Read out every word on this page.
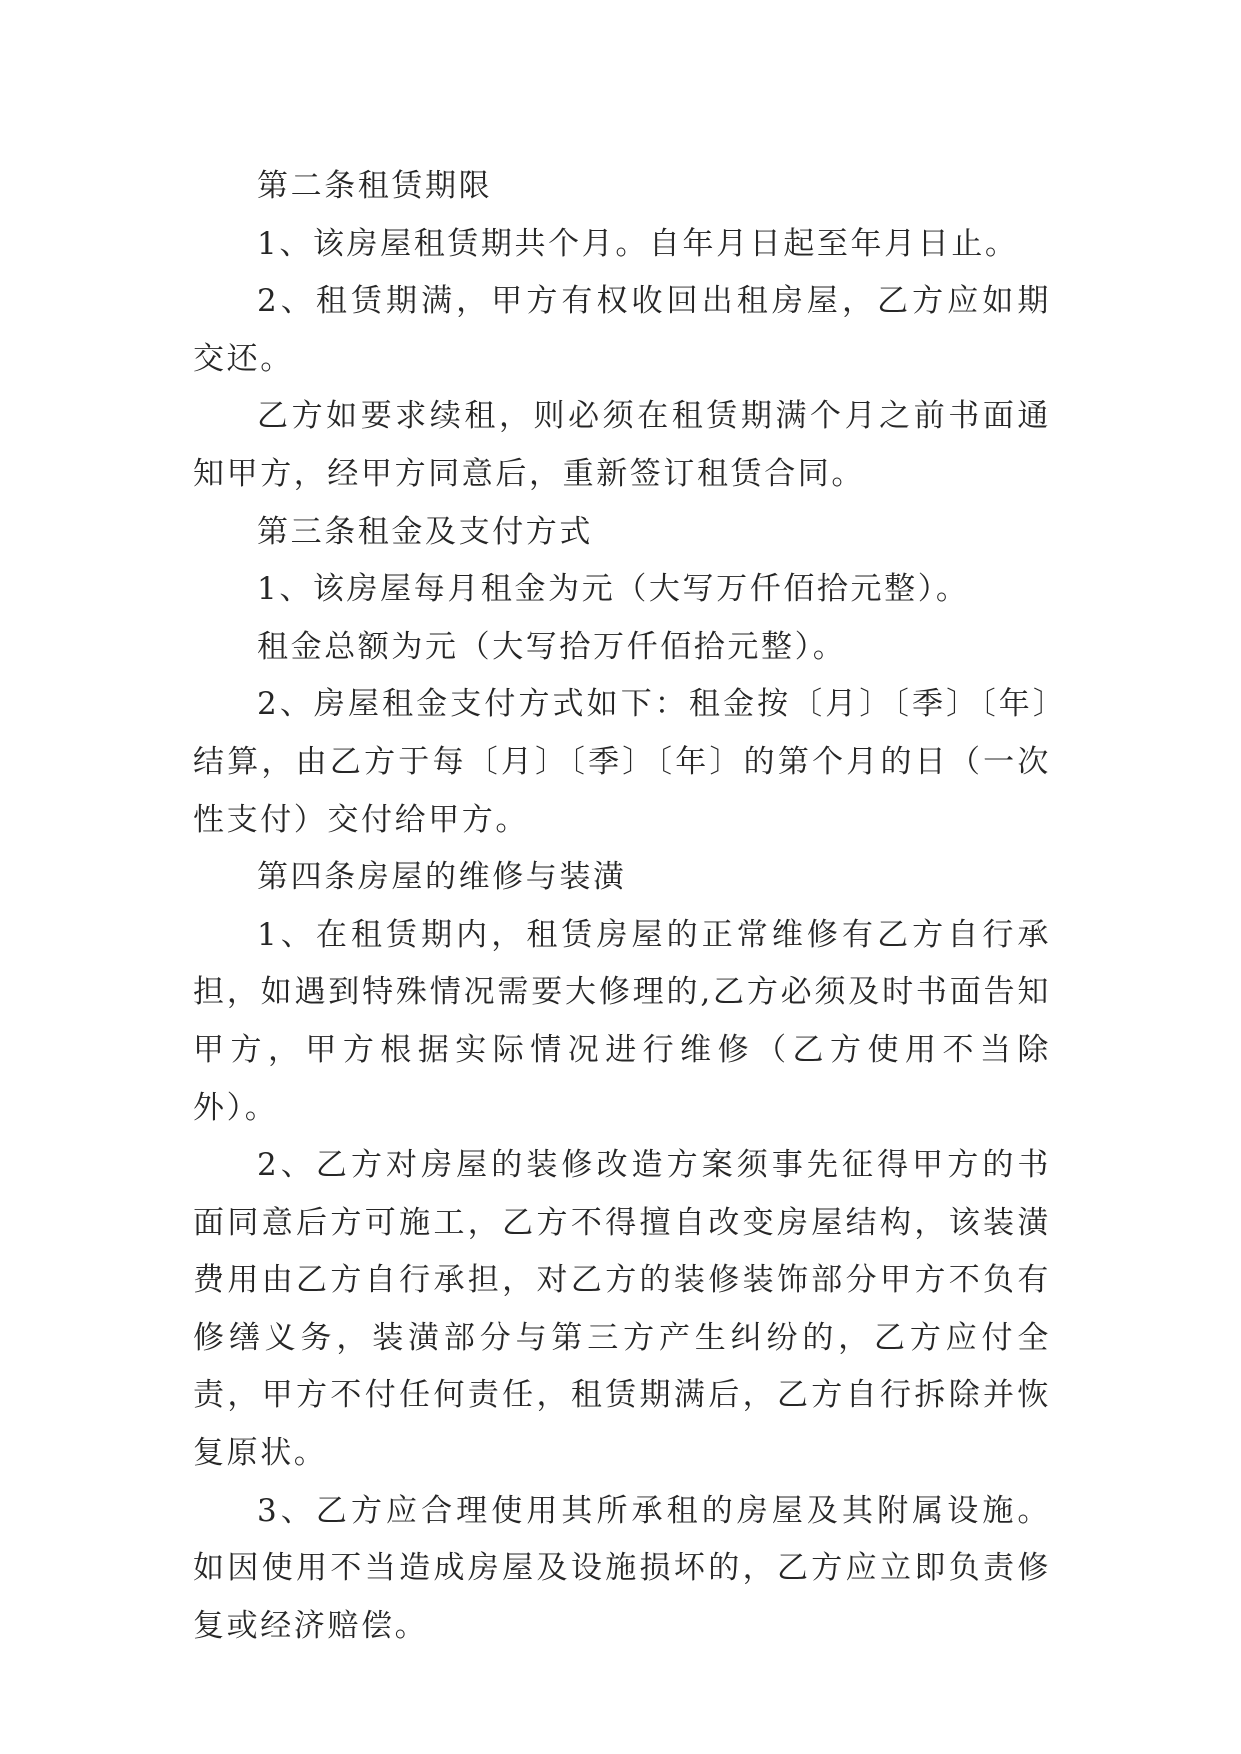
第二条租赁期限

1、该房屋租赁期共个月。自年月日起至年月日止。

2、租赁期满，甲方有权收回出租房屋，乙方应如期交还。

乙方如要求续租，则必须在租赁期满个月之前书面通知甲方，经甲方同意后，重新签订租赁合同。

第三条租金及支付方式

1、该房屋每月租金为元（大写万仟佰拾元整）。

租金总额为元（大写拾万仟佰拾元整）。

2、房屋租金支付方式如下：租金按〔月〕〔季〕〔年〕结算，由乙方于每〔月〕〔季〕〔年〕的第个月的日（一次性支付）交付给甲方。

第四条房屋的维修与装潢

1、在租赁期内，租赁房屋的正常维修有乙方自行承担，如遇到特殊情况需要大修理的,乙方必须及时书面告知甲方，甲方根据实际情况进行维修（乙方使用不当除外）。

2、乙方对房屋的装修改造方案须事先征得甲方的书面同意后方可施工，乙方不得擅自改变房屋结构，该装潢费用由乙方自行承担，对乙方的装修装饰部分甲方不负有修缮义务，装潢部分与第三方产生纠纷的，乙方应付全责，甲方不付任何责任，租赁期满后，乙方自行拆除并恢复原状。

3、乙方应合理使用其所承租的房屋及其附属设施。如因使用不当造成房屋及设施损坏的，乙方应立即负责修复或经济赔偿。
